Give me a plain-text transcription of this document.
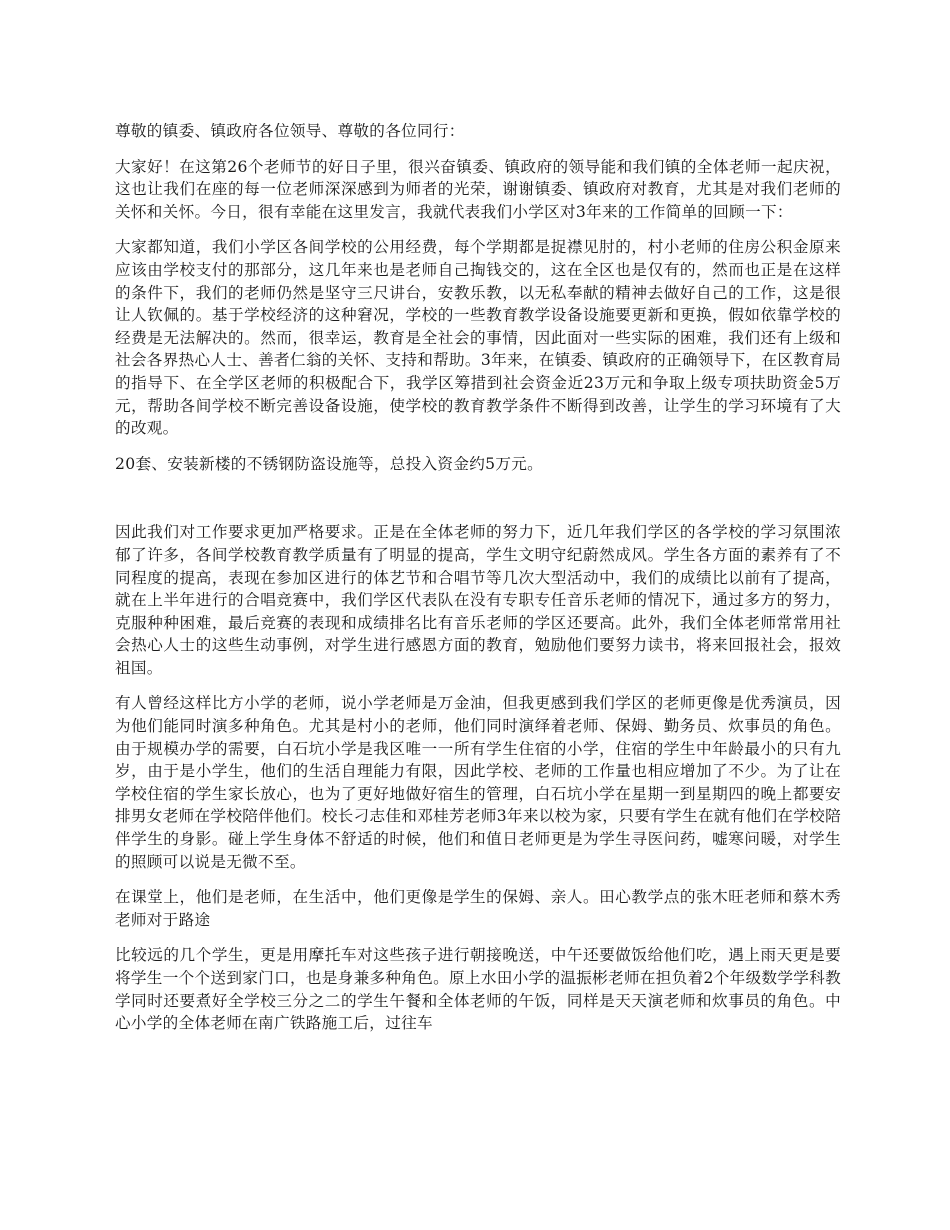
尊敬的镇委、镇政府各位领导、尊敬的各位同行：

大家好！在这第26个老师节的好日子里，很兴奋镇委、镇政府的领导能和我们镇的全体老师一起庆祝，这也让我们在座的每一位老师深深感到为师者的光荣，谢谢镇委、镇政府对教育，尤其是对我们老师的关怀和关怀。今日，很有幸能在这里发言，我就代表我们小学区对3年来的工作简单的回顾一下：

大家都知道，我们小学区各间学校的公用经费，每个学期都是捉襟见肘的，村小老师的住房公积金原来应该由学校支付的那部分，这几年来也是老师自己掏钱交的，这在全区也是仅有的，然而也正是在这样的条件下，我们的老师仍然是坚守三尺讲台，安教乐教，以无私奉献的精神去做好自己的工作，这是很让人钦佩的。基于学校经济的这种窘况，学校的一些教育教学设备设施要更新和更换，假如依靠学校的经费是无法解决的。然而，很幸运，教育是全社会的事情，因此面对一些实际的困难，我们还有上级和社会各界热心人士、善者仁翁的关怀、支持和帮助。3年来，在镇委、镇政府的正确领导下，在区教育局的指导下、在全学区老师的积极配合下，我学区筹措到社会资金近23万元和争取上级专项扶助资金5万元，帮助各间学校不断完善设备设施，使学校的教育教学条件不断得到改善，让学生的学习环境有了大的改观。

20套、安装新楼的不锈钢防盗设施等，总投入资金约5万元。

因此我们对工作要求更加严格要求。正是在全体老师的努力下，近几年我们学区的各学校的学习氛围浓郁了许多，各间学校教育教学质量有了明显的提高，学生文明守纪蔚然成风。学生各方面的素养有了不同程度的提高，表现在参加区进行的体艺节和合唱节等几次大型活动中，我们的成绩比以前有了提高，就在上半年进行的合唱竞赛中，我们学区代表队在没有专职专任音乐老师的情况下，通过多方的努力，克服种种困难，最后竞赛的表现和成绩排名比有音乐老师的学区还要高。此外，我们全体老师常常用社会热心人士的这些生动事例，对学生进行感恩方面的教育，勉励他们要努力读书，将来回报社会，报效祖国。

有人曾经这样比方小学的老师，说小学老师是万金油，但我更感到我们学区的老师更像是优秀演员，因为他们能同时演多种角色。尤其是村小的老师，他们同时演绎着老师、保姆、勤务员、炊事员的角色。由于规模办学的需要，白石坑小学是我区唯一一所有学生住宿的小学，住宿的学生中年龄最小的只有九岁，由于是小学生，他们的生活自理能力有限，因此学校、老师的工作量也相应增加了不少。为了让在学校住宿的学生家长放心，也为了更好地做好宿生的管理，白石坑小学在星期一到星期四的晚上都要安排男女老师在学校陪伴他们。校长刁志佳和邓桂芳老师3年来以校为家，只要有学生在就有他们在学校陪伴学生的身影。碰上学生身体不舒适的时候，他们和值日老师更是为学生寻医问药，嘘寒问暖，对学生的照顾可以说是无微不至。

在课堂上，他们是老师，在生活中，他们更像是学生的保姆、亲人。田心教学点的张木旺老师和蔡木秀老师对于路途

比较远的几个学生，更是用摩托车对这些孩子进行朝接晚送，中午还要做饭给他们吃，遇上雨天更是要将学生一个个送到家门口，也是身兼多种角色。原上水田小学的温振彬老师在担负着2个年级数学学科教学同时还要煮好全学校三分之二的学生午餐和全体老师的午饭，同样是天天演老师和炊事员的角色。中心小学的全体老师在南广铁路施工后，过往车
